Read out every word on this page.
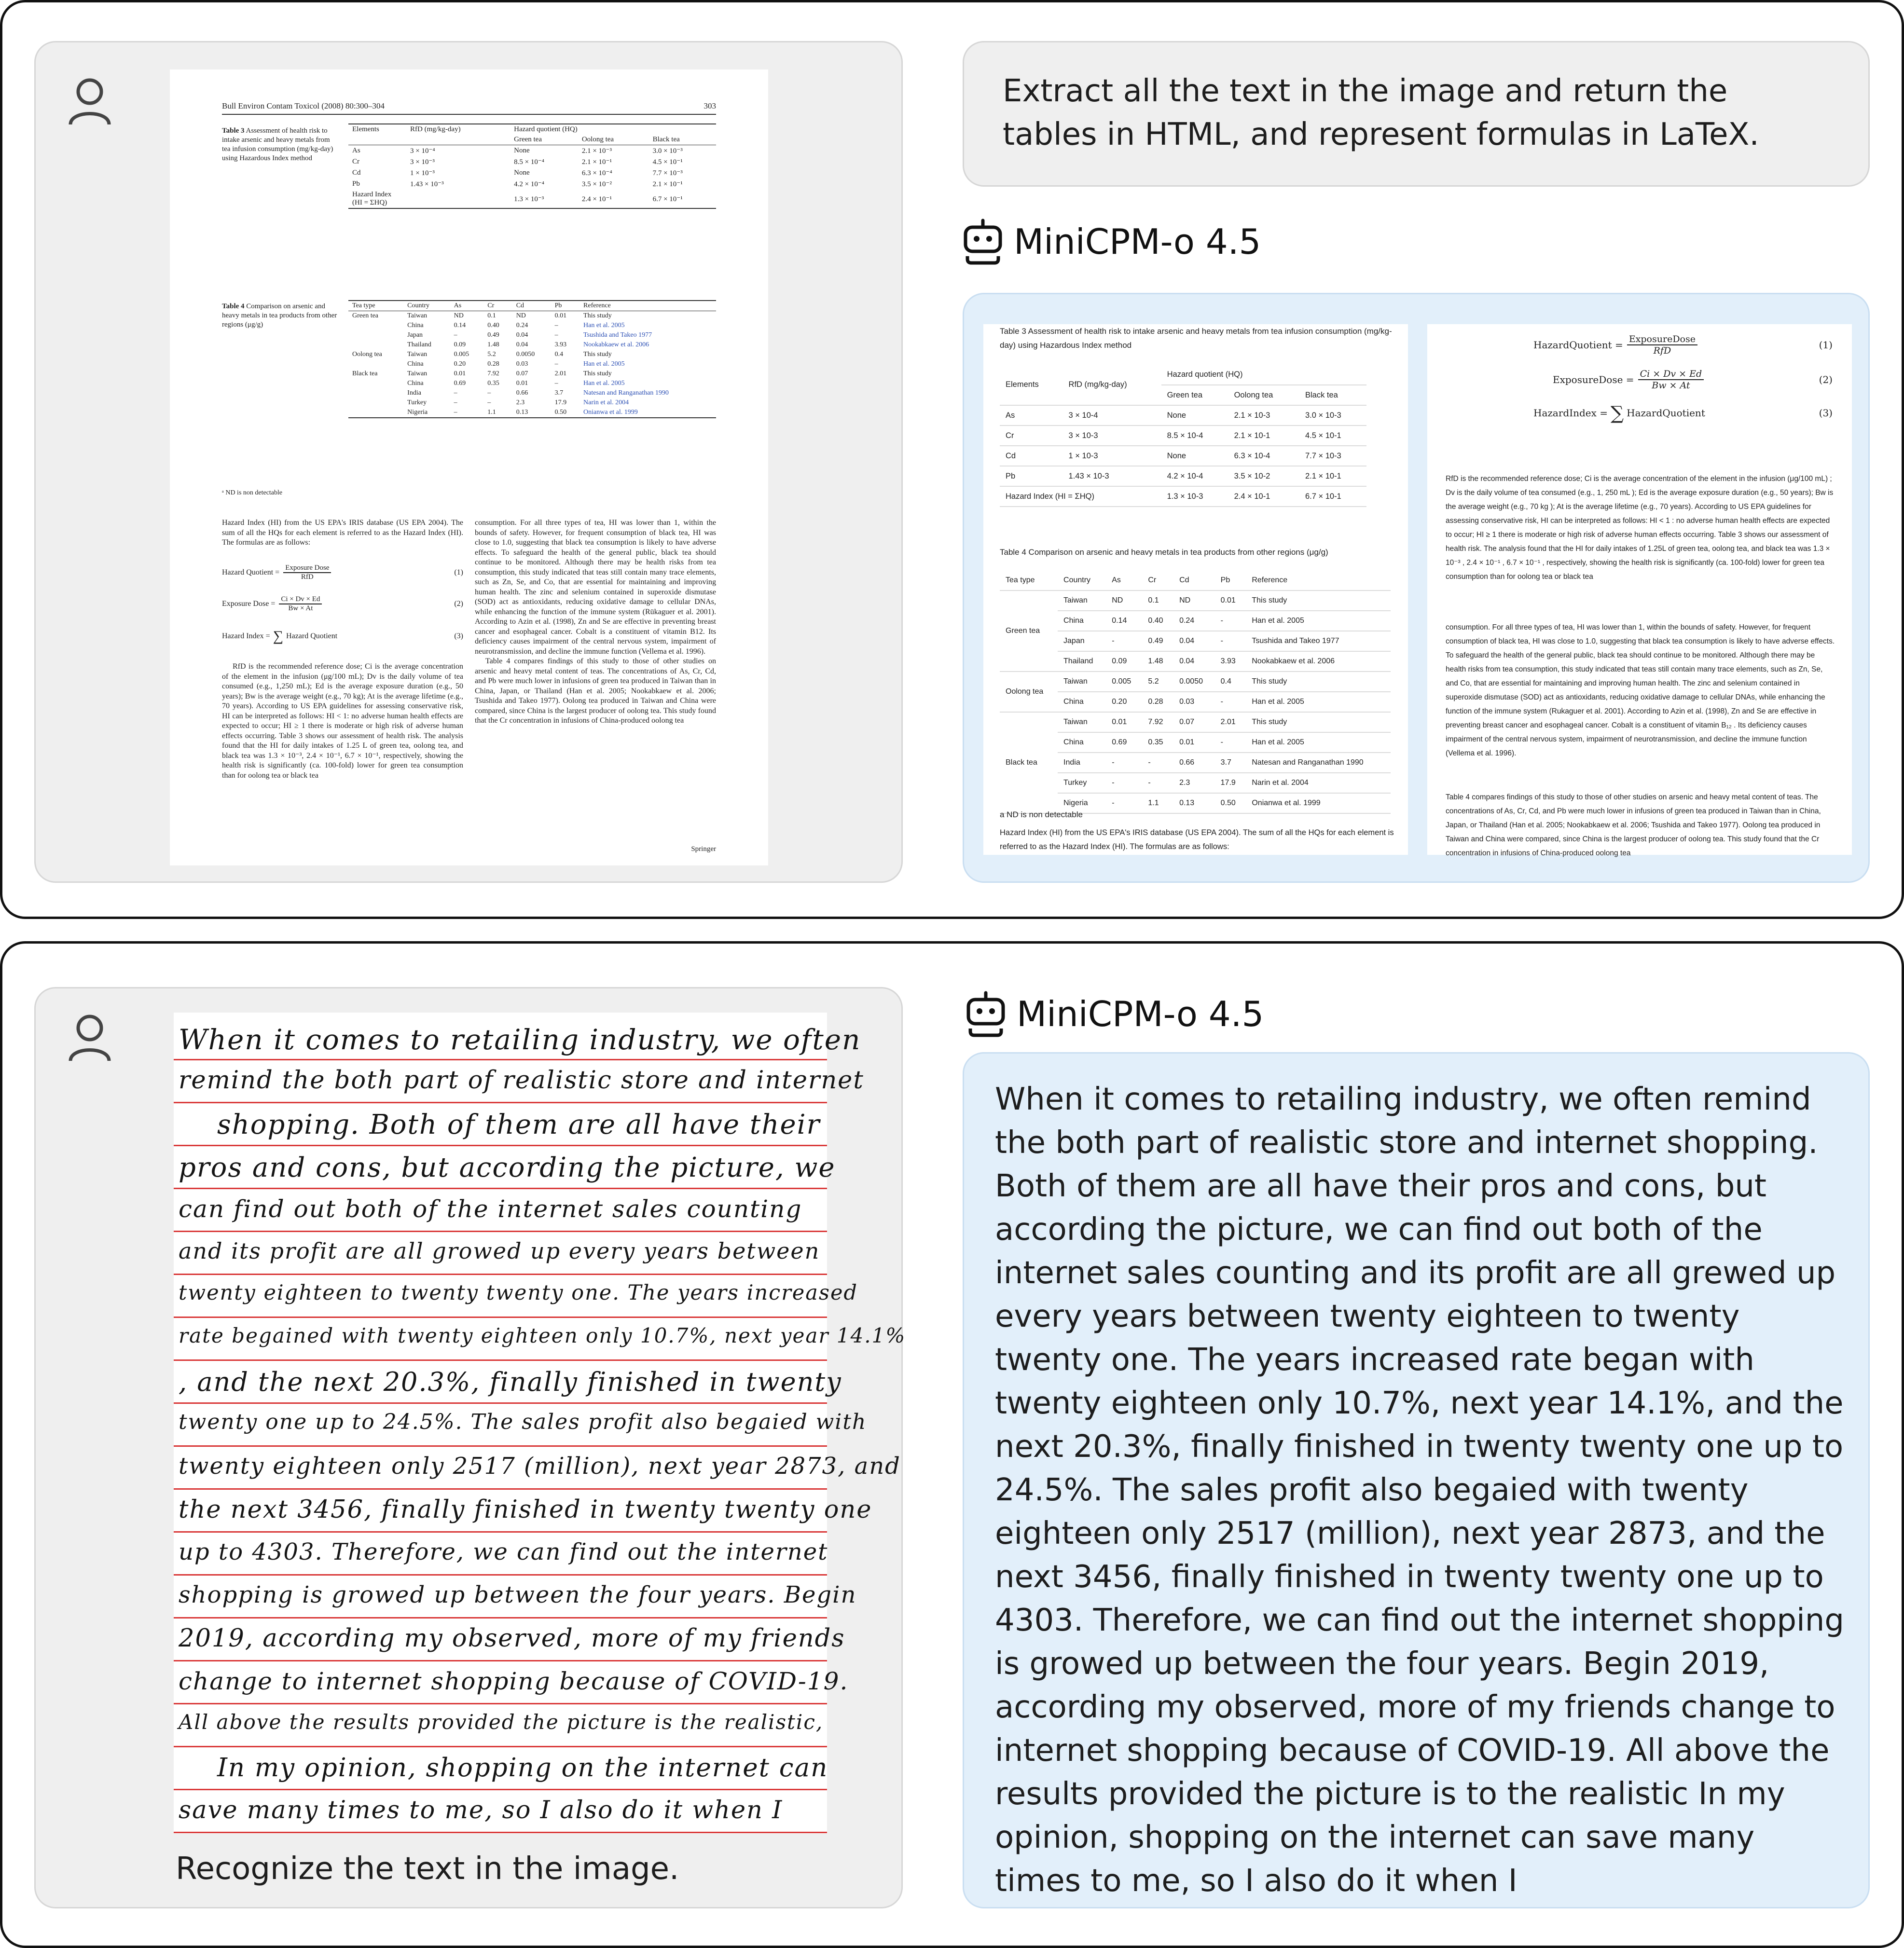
Bull Environ Contam Toxicol (2008) 80:300–304	303
Table 3 Assessment of health risk to intake arsenic and heavy metals from tea infusion consumption (mg/kg-day) using Hazardous Index method
Elements	RfD (mg/kg-day)	Hazard quotient (HQ)		
		Green tea	Oolong tea	Black tea
As	3 × 10⁻⁴	None	2.1 × 10⁻³	3.0 × 10⁻³
Cr	3 × 10⁻³	8.5 × 10⁻⁴	2.1 × 10⁻¹	4.5 × 10⁻¹
Cd	1 × 10⁻³	None	6.3 × 10⁻⁴	7.7 × 10⁻³
Pb	1.43 × 10⁻³	4.2 × 10⁻⁴	3.5 × 10⁻²	2.1 × 10⁻¹
Hazard Index (HI = ΣHQ)		1.3 × 10⁻³	2.4 × 10⁻¹	6.7 × 10⁻¹
Table 4 Comparison on arsenic and heavy metals in tea products from other regions (μg/g)
Tea type	Country	As	Cr	Cd	Pb	Reference
Green tea	Taiwan	ND	0.1	ND	0.01	This study
	China	0.14	0.40	0.24	–	Han et al. 2005
	Japan	–	0.49	0.04	–	Tsushida and Takeo 1977
	Thailand	0.09	1.48	0.04	3.93	Nookabkaew et al. 2006
Oolong tea	Taiwan	0.005	5.2	0.0050	0.4	This study
	China	0.20	0.28	0.03	–	Han et al. 2005
Black tea	Taiwan	0.01	7.92	0.07	2.01	This study
	China	0.69	0.35	0.01	–	Han et al. 2005
	India	–	–	0.66	3.7	Natesan and Ranganathan 1990
	Turkey	–	–	2.3	17.9	Narin et al. 2004
	Nigeria	–	1.1	0.13	0.50	Onianwa et al. 1999
ᵃ ND is non detectable

Hazard Index (HI) from the US EPA's IRIS database (US EPA 2004). The sum of all the HQs for each element is referred to as the Hazard Index (HI). The formulas are as follows:

Hazard Quotient =
Exposure Dose
RfD
(1)
Exposure Dose = $\frac{Ci \times Dv \times Ed}{Bw \times At}$	(2)
Hazard Index = ∑ Hazard Quotient	(3)

RfD is the recommended reference dose; Ci is the average concentration of the element in the infusion (μg/100 mL); Dv is the daily volume of tea consumed (e.g., 1,250 mL); Ed is the average exposure duration (e.g., 50 years); Bw is the average weight (e.g., 70 kg); At is the average lifetime (e.g., 70 years). According to US EPA guidelines for assessing conservative risk, HI can be interpreted as follows: HI < 1: no adverse human health effects are expected to occur; HI ≥ 1 there is moderate or high risk of adverse human effects occurring. Table 3 shows our assessment of health risk. The analysis found that the HI for daily intakes of 1.25 L of green tea, oolong tea, and black tea was 1.3 × 10⁻³, 2.4 × 10⁻¹, 6.7 × 10⁻¹, respectively, showing the health risk is significantly (ca. 100-fold) lower for green tea consumption than for oolong tea or black tea

consumption. For all three types of tea, HI was lower than 1, within the bounds of safety. However, for frequent consumption of black tea, HI was close to 1.0, suggesting that black tea consumption is likely to have adverse effects. To safeguard the health of the general public, black tea should continue to be monitored. Although there may be health risks from tea consumption, this study indicated that teas still contain many trace elements, such as Zn, Se, and Co, that are essential for maintaining and improving human health. The zinc and selenium contained in superoxide dismutase (SOD) act as antioxidants, reducing oxidative damage to cellular DNAs, while enhancing the function of the immune system (Rükaguer et al. 2001). According to Azin et al. (1998), Zn and Se are effective in preventing breast cancer and esophageal cancer. Cobalt is a constituent of vitamin B12. Its deficiency causes impairment of the central nervous system, impairment of neurotransmission, and decline the immune function (Vellema et al. 1996).

Table 4 compares findings of this study to those of other studies on arsenic and heavy metal content of teas. The concentrations of As, Cr, Cd, and Pb were much lower in infusions of green tea produced in Taiwan than in China, Japan, or Thailand (Han et al. 2005; Nookabkaew et al. 2006; Tsushida and Takeo 1977). Oolong tea produced in Taiwan and China were compared, since China is the largest producer of oolong tea. This study found that the Cr concentration in infusions of China-produced oolong tea

Springer
Extract all the text in the image and return the tables in HTML, and represent formulas in LaTeX.
MiniCPM-o 4.5
Table 3 Assessment of health risk to intake arsenic and heavy metals from tea infusion consumption (mg/kg-day) using Hazardous Index method
Elements	RfD (mg/kg-day)	Hazard quotient (HQ)		
		Green tea	Oolong tea	Black tea
As	3 × 10-4	None	2.1 × 10-3	3.0 × 10-3
Cr	3 × 10-3	8.5 × 10-4	2.1 × 10-1	4.5 × 10-1
Cd	1 × 10-3	None	6.3 × 10-4	7.7 × 10-3
Pb	1.43 × 10-3	4.2 × 10-4	3.5 × 10-2	2.1 × 10-1
Hazard Index (HI = ΣHQ)		1.3 × 10-3	2.4 × 10-1	6.7 × 10-1
Table 4 Comparison on arsenic and heavy metals in tea products from other regions (μg/g)
Tea type	Country	As	Cr	Cd	Pb	Reference
Green tea	Taiwan	ND	0.1	ND	0.01	This study
	China	0.14	0.40	0.24	-	Han et al. 2005
	Japan	-	0.49	0.04	-	Tsushida and Takeo 1977
	Thailand	0.09	1.48	0.04	3.93	Nookabkaew et al. 2006
Oolong tea	Taiwan	0.005	5.2	0.0050	0.4	This study
	China	0.20	0.28	0.03	-	Han et al. 2005
Black tea	Taiwan	0.01	7.92	0.07	2.01	This study
	China	0.69	0.35	0.01	-	Han et al. 2005
	India	-	-	0.66	3.7	Natesan and Ranganathan 1990
	Turkey	-	-	2.3	17.9	Narin et al. 2004
	Nigeria	-	1.1	0.13	0.50	Onianwa et al. 1999
a ND is non detectable
Hazard Index (HI) from the US EPA's IRIS database (US EPA 2004). The sum of all the HQs for each element is referred to as the Hazard Index (HI). The formulas are as follows:
HazardQuotient = ExposureDose
RfD	(1)
ExposureDose = $\frac{Ci \times Dv \times Ed}{Bw \times At}$	(2)
HazardIndex = ∑ HazardQuotient	(3)
RfD is the recommended reference dose; Ci is the average concentration of the element in the infusion (μg/100 mL) ; Dv is the daily volume of tea consumed (e.g., 1, 250 mL ); Ed is the average exposure duration (e.g., 50 years); Bw is the average weight (e.g., 70 kg ); At is the average lifetime (e.g., 70 years). According to US EPA guidelines for assessing conservative risk, HI can be interpreted as follows: HI < 1 : no adverse human health effects are expected to occur; HI ≥ 1 there is moderate or high risk of adverse human effects occurring. Table 3 shows our assessment of health risk. The analysis found that the HI for daily intakes of 1.25L of green tea, oolong tea, and black tea was 1.3 × 10⁻³ , 2.4 × 10⁻¹ , 6.7 × 10⁻¹ , respectively, showing the health risk is significantly (ca. 100-fold) lower for green tea consumption than for oolong tea or black tea
consumption. For all three types of tea, HI was lower than 1, within the bounds of safety. However, for frequent consumption of black tea, HI was close to 1.0, suggesting that black tea consumption is likely to have adverse effects. To safeguard the health of the general public, black tea should continue to be monitored. Although there may be health risks from tea consumption, this study indicated that teas still contain many trace elements, such as Zn, Se, and Co, that are essential for maintaining and improving human health. The zinc and selenium contained in superoxide dismutase (SOD) act as antioxidants, reducing oxidative damage to cellular DNAs, while enhancing the function of the immune system (Rukaguer et al. 2001). According to Azin et al. (1998), Zn and Se are effective in preventing breast cancer and esophageal cancer. Cobalt is a constituent of vitamin B₁₂ . Its deficiency causes impairment of the central nervous system, impairment of neurotransmission, and decline the immune function (Vellema et al. 1996).
Table 4 compares findings of this study to those of other studies on arsenic and heavy metal content of teas. The concentrations of As, Cr, Cd, and Pb were much lower in infusions of green tea produced in Taiwan than in China, Japan, or Thailand (Han et al. 2005; Nookabkaew et al. 2006; Tsushida and Takeo 1977). Oolong tea produced in Taiwan and China were compared, since China is the largest producer of oolong tea. This study found that the Cr concentration in infusions of China-produced oolong tea
When it comes to retailing industry, we often
remind the both part of realistic store and internet
shopping. Both of them are all have their
pros and cons, but according the picture, we
can find out both of the internet sales counting
and its profit are all growed up every years between
twenty eighteen to twenty twenty one. The years increased
rate begained with twenty eighteen only 10.7%, next year 14.1%
, and the next 20.3%, finally finished in twenty
twenty one up to 24.5%. The sales profit also begaied with
twenty eighteen only 2517 (million), next year 2873, and
the next 3456, finally finished in twenty twenty one
up to 4303. Therefore, we can find out the internet
shopping is growed up between the four years. Begin
2019, according my observed, more of my friends
change to internet shopping because of COVID-19.
All above the results provided the picture is the realistic,
In my opinion, shopping on the internet can
save many times to me, so I also do it when I
Recognize the text in the image.
MiniCPM-o 4.5
When it comes to retailing industry, we often remind the both part of realistic store and internet shopping. Both of them are all have their pros and cons, but according the picture, we can find out both of the internet sales counting and its profit are all grewed up every years between twenty eighteen to twenty twenty one. The years increased rate began with twenty eighteen only 10.7%, next year 14.1%, and the next 20.3%, finally finished in twenty twenty one up to 24.5%. The sales profit also begaied with twenty eighteen only 2517 (million), next year 2873, and the next 3456, finally finished in twenty twenty one up to 4303. Therefore, we can find out the internet shopping is growed up between the four years. Begin 2019, according my observed, more of my friends change to internet shopping because of COVID-19. All above the results provided the picture is to the realistic In my opinion, shopping on the internet can save many times to me, so I also do it when I
